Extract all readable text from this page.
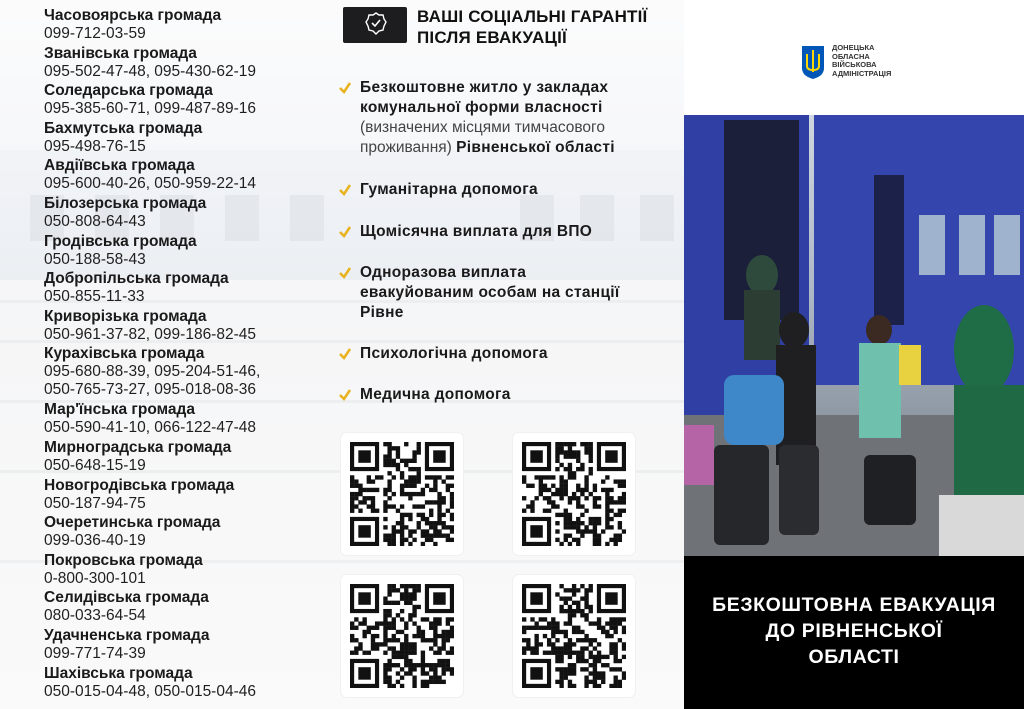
Часовоярська громада
099-712-03-59
Званівська громада
095-502-47-48, 095-430-62-19
Соледарська громада
095-385-60-71, 099-487-89-16
Бахмутська громада
095-498-76-15
Авдіївська громада
095-600-40-26, 050-959-22-14
Білозерська громада
050-808-64-43
Гродівська громада
050-188-58-43
Добропільська громада
050-855-11-33
Криворізька громада
050-961-37-82, 099-186-82-45
Курахівська громада
095-680-88-39, 095-204-51-46,
050-765-73-27, 095-018-08-36
Мар'їнська громада
050-590-41-10, 066-122-47-48
Мирноградська громада
050-648-15-19
Новогродівська громада
050-187-94-75
Очеретинська громада
099-036-40-19
Покровська громада
0-800-300-101
Селидівська громада
080-033-64-54
Удачненська громада
099-771-74-39
Шахівська громада
050-015-04-48, 050-015-04-46
ВАШІ СОЦІАЛЬНІ ГАРАНТІЇ
ПІСЛЯ ЕВАКУАЦІЇ
Безкоштовне житло у закладах
комунальної форми власності
(визначених місцями тимчасового
проживання) Рівненської області
Гуманітарна допомога
Щомісячна виплата для ВПО
Одноразова виплата
евакуйованим особам на станції
Рівне
Психологічна допомога
Медична допомога
ДОНЕЦЬКА
ОБЛАСНА
ВІЙСЬКОВА
АДМІНІСТРАЦІЯ
БЕЗКОШТОВНА ЕВАКУАЦІЯ
ДО РІВНЕНСЬКОЇ
ОБЛАСТІ
